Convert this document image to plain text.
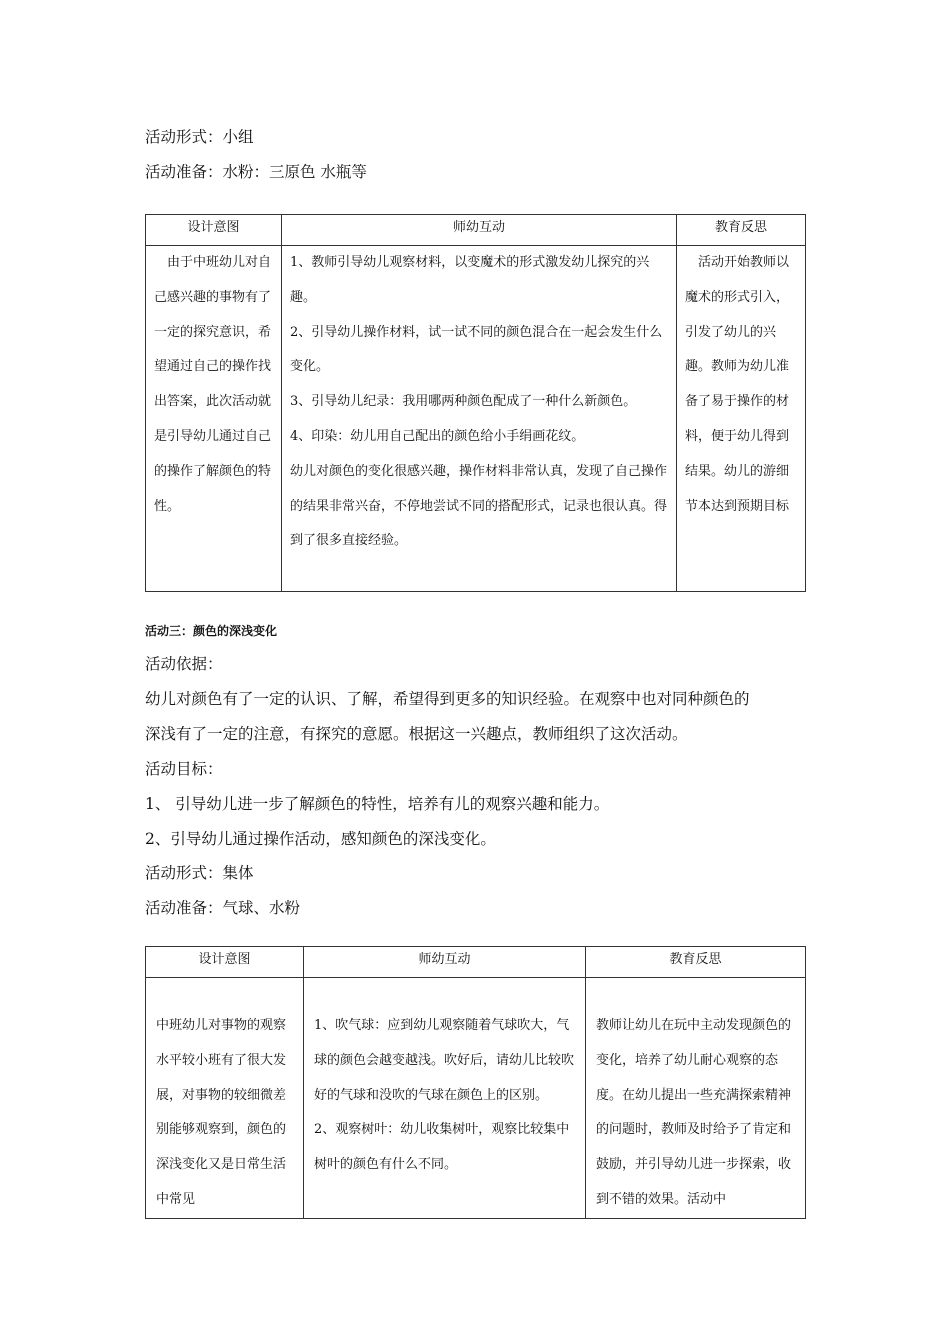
活动形式：小组
活动准备：水粉：三原色 水瓶等
设计意图	师幼互动	教育反思

由于中班幼儿对自己感兴趣的事物有了一定的探究意识，希望通过自己的操作找出答案，此次活动就是引导幼儿通过自己的操作了解颜色的特性。	1、教师引导幼儿观察材料，以变魔术的形式激发幼儿探究的兴趣。
2、引导幼儿操作材料，试一试不同的颜色混合在一起会发生什么变化。
3、引导幼儿纪录：我用哪两种颜色配成了一种什么新颜色。
4、印染：幼儿用自己配出的颜色给小手绢画花纹。
幼儿对颜色的变化很感兴趣，操作材料非常认真，发现了自己操作的结果非常兴奋，不停地尝试不同的搭配形式，记录也很认真。得到了很多直接经验。	活动开始教师以魔术的形式引入，引发了幼儿的兴趣。教师为幼儿准备了易于操作的材料，便于幼儿得到结果。幼儿的游细节本达到预期目标
活动三：颜色的深浅变化
活动依据：
幼儿对颜色有了一定的认识、了解，希望得到更多的知识经验。在观察中也对同种颜色的
深浅有了一定的注意，有探究的意愿。根据这一兴趣点，教师组织了这次活动。
活动目标：
1、 引导幼儿进一步了解颜色的特性，培养有儿的观察兴趣和能力。
2、引导幼儿通过操作活动，感知颜色的深浅变化。
活动形式：集体
活动准备：气球、水粉
设计意图	师幼互动	教育反思

中班幼儿对事物的观察水平较小班有了很大发展，对事物的较细微差别能够观察到，颜色的深浅变化又是日常生活中常见	1、吹气球：应到幼儿观察随着气球吹大，气球的颜色会越变越浅。吹好后，请幼儿比较吹好的气球和没吹的气球在颜色上的区别。
2、观察树叶：幼儿收集树叶，观察比较集中树叶的颜色有什么不同。	教师让幼儿在玩中主动发现颜色的变化，培养了幼儿耐心观察的态度。在幼儿提出一些充满探索精神的问题时，教师及时给予了肯定和鼓励，并引导幼儿进一步探索，收到不错的效果。活动中
